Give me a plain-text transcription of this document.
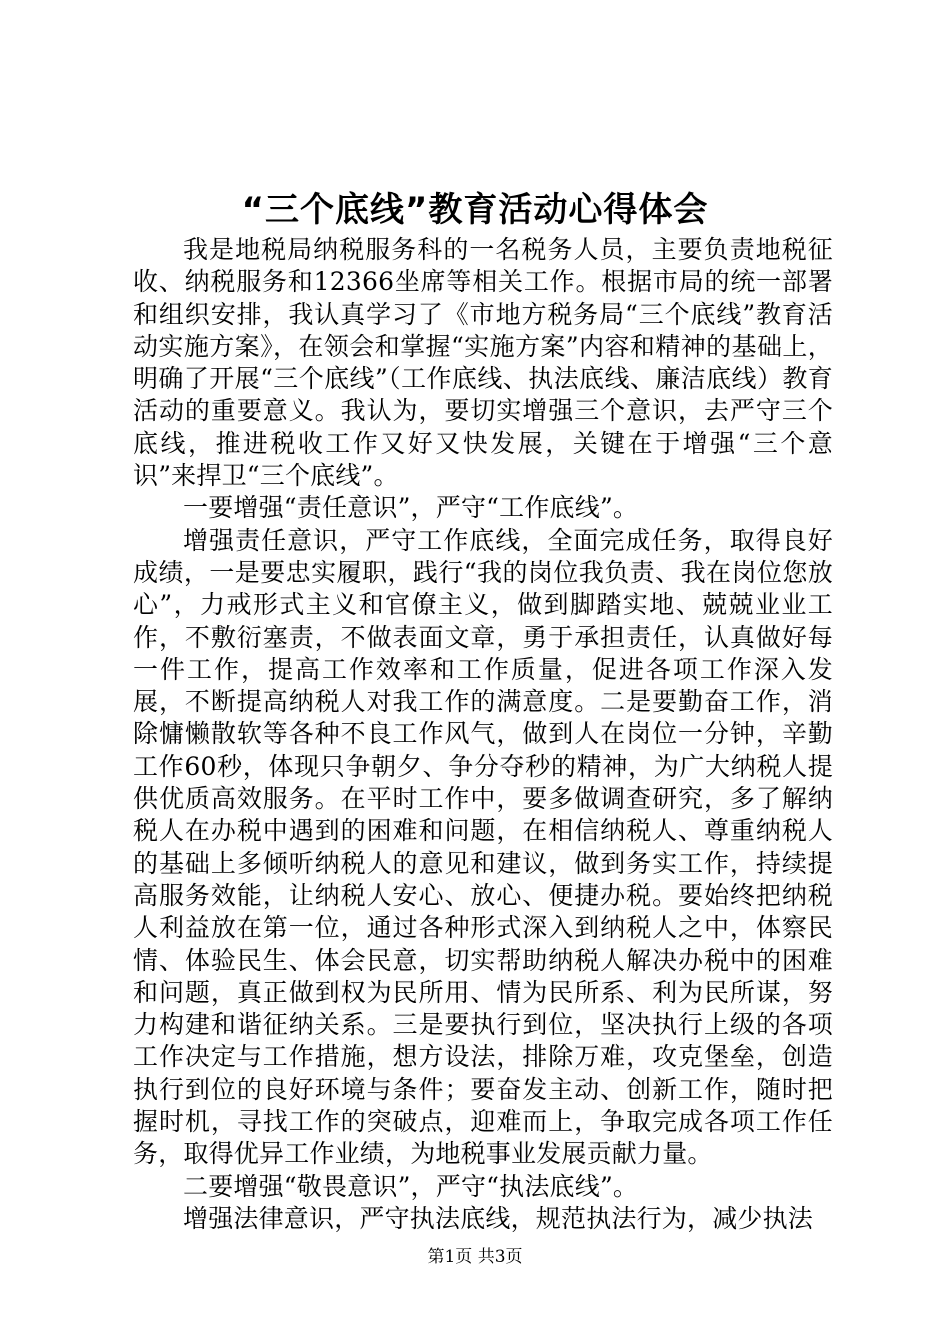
“三个底线”教育活动心得体会

我是地税局纳税服务科的一名税务人员，主要负责地税征收、纳税服务和12366坐席等相关工作。根据市局的统一部署和组织安排，我认真学习了《市地方税务局“三个底线”教育活动实施方案》，在领会和掌握“实施方案”内容和精神的基础上，明确了开展“三个底线”（工作底线、执法底线、廉洁底线）教育活动的重要意义。我认为，要切实增强三个意识，去严守三个底线，推进税收工作又好又快发展，关键在于增强“三个意识”来捍卫“三个底线”。

一要增强“责任意识”，严守“工作底线”。

增强责任意识，严守工作底线，全面完成任务，取得良好成绩，一是要忠实履职，践行“我的岗位我负责、我在岗位您放心”，力戒形式主义和官僚主义，做到脚踏实地、兢兢业业工作，不敷衍塞责，不做表面文章，勇于承担责任，认真做好每一件工作，提高工作效率和工作质量，促进各项工作深入发展，不断提高纳税人对我工作的满意度。二是要勤奋工作，消除慵懒散软等各种不良工作风气，做到人在岗位一分钟，辛勤工作60秒，体现只争朝夕、争分夺秒的精神，为广大纳税人提供优质高效服务。在平时工作中，要多做调查研究，多了解纳税人在办税中遇到的困难和问题，在相信纳税人、尊重纳税人的基础上多倾听纳税人的意见和建议，做到务实工作，持续提高服务效能，让纳税人安心、放心、便捷办税。要始终把纳税人利益放在第一位，通过各种形式深入到纳税人之中，体察民情、体验民生、体会民意，切实帮助纳税人解决办税中的困难和问题，真正做到权为民所用、情为民所系、利为民所谋，努力构建和谐征纳关系。三是要执行到位，坚决执行上级的各项工作决定与工作措施，想方设法，排除万难，攻克堡垒，创造执行到位的良好环境与条件；要奋发主动、创新工作，随时把握时机，寻找工作的突破点，迎难而上，争取完成各项工作任务，取得优异工作业绩，为地税事业发展贡献力量。

二要增强“敬畏意识”，严守“执法底线”。

增强法律意识，严守执法底线，规范执法行为，减少执法

第1页 共3页
